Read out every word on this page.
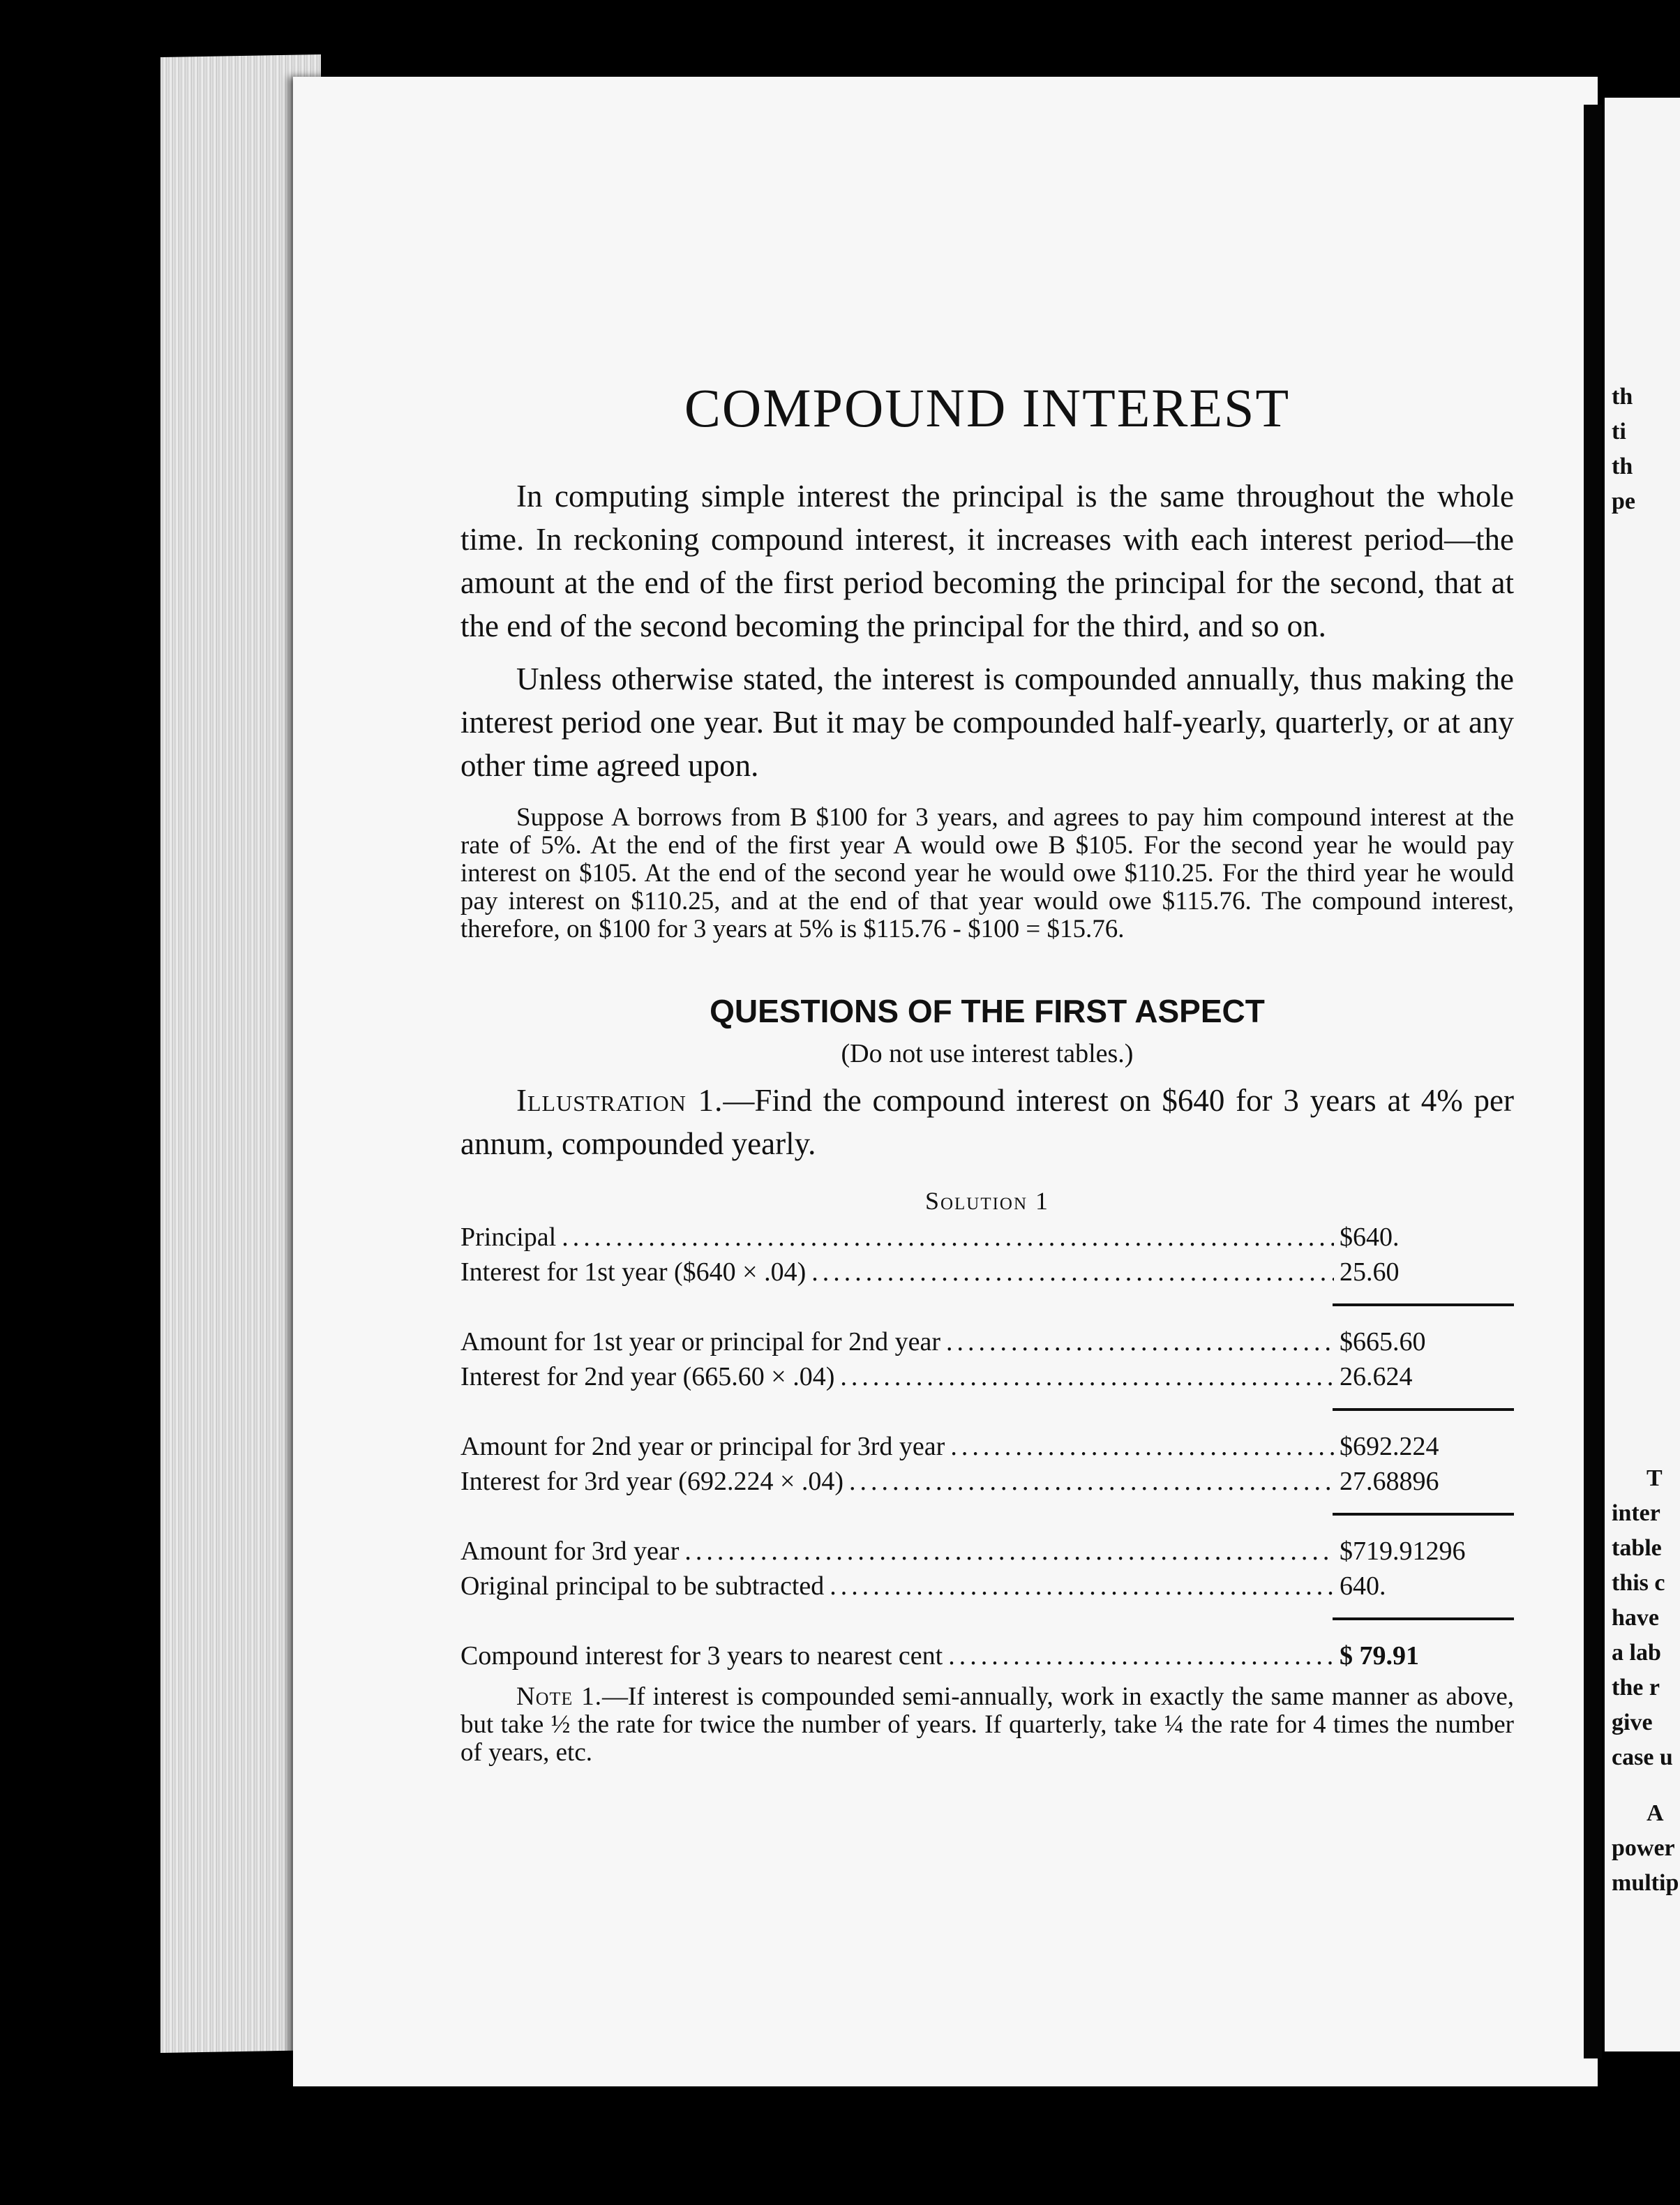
th
ti
th
pe
T
inter
table
this c
have
a lab
the r
give
case u
A
power
multip
COMPOUND INTEREST

In computing simple interest the principal is the same throughout the whole time. In reckoning compound interest, it increases with each interest period—the amount at the end of the first period becoming the principal for the second, that at the end of the second becoming the principal for the third, and so on.

Unless otherwise stated, the interest is compounded annually, thus making the interest period one year. But it may be compounded half-yearly, quarterly, or at any other time agreed upon.

Suppose A borrows from B $100 for 3 years, and agrees to pay him compound interest at the rate of 5%. At the end of the first year A would owe B $105. For the second year he would pay interest on $105. At the end of the second year he would owe $110.25. For the third year he would pay interest on $110.25, and at the end of that year would owe $115.76. The compound interest, therefore, on $100 for 3 years at 5% is $115.76 - $100 = $15.76.

QUESTIONS OF THE FIRST ASPECT
(Do not use interest tables.)

Illustration 1.—Find the compound interest on $640 for 3 years at 4% per annum, compounded yearly.

Solution 1
Principal .....	$640.
Interest for 1st year ($640 × .04) .....	25.60
Amount for 1st year or principal for 2nd year .....	$665.60
Interest for 2nd year (665.60 × .04) .....	26.624
Amount for 2nd year or principal for 3rd year .....	$692.224
Interest for 3rd year (692.224 × .04) .....	27.68896
Amount for 3rd year .....	$719.91296
Original principal to be subtracted .....	640.
Compound interest for 3 years to nearest cent .....	$ 79.91

Note 1.—If interest is compounded semi-annually, work in exactly the same manner as above, but take ½ the rate for twice the number of years. If quarterly, take ¼ the rate for 4 times the number of years, etc.
